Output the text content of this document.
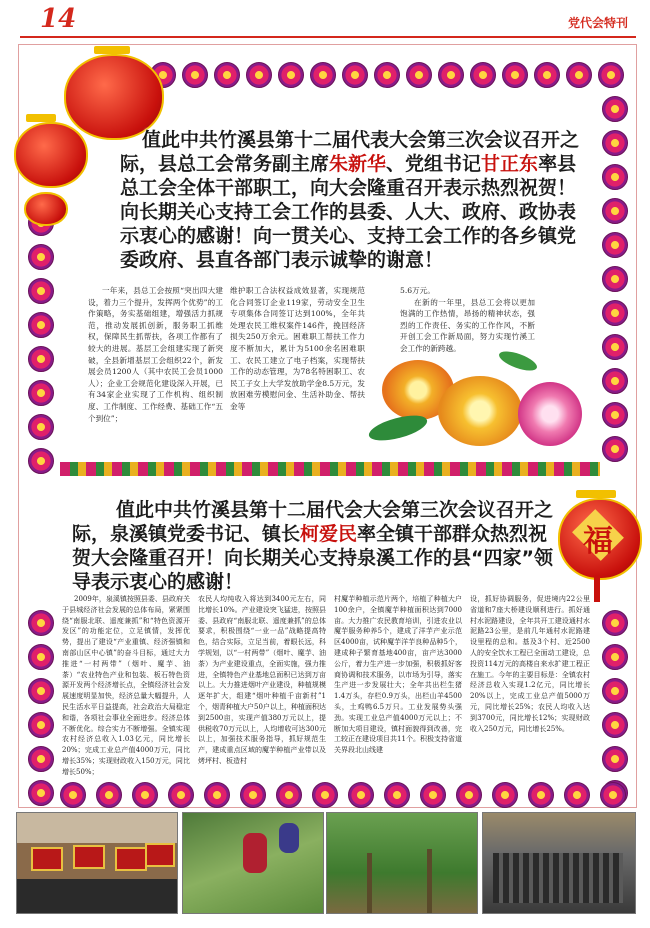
14	党代会特刊
值此中共竹溪县第十二届代表大会第三次会议召开之际，县总工会常务副主席朱新华、党组书记甘正东率县总工会全体干部职工，向大会隆重召开表示热烈祝贺！向长期关心支持工会工作的县委、人大、政府、政协表示衷心的感谢！向一贯关心、支持工会工作的各乡镇党委政府、县直各部门表示诚挚的谢意！
一年来，县总工会按照“突出四大建设，着力三个提升，发挥两个优势”的工作策略，务实基础组建，增强活力抓规范，推动发展抓创新，服务职工抓维权，保障民生抓帮扶，各项工作都有了较大的进展。基层工会组建实现了新突破，全县新增基层工会组织22个，新发展会员1200人（其中农民工会员1000人）；企业工会规范化建设深入开展，已有34家企业实现了工作机构、组织制度、工作制度、工作经费、基础工作“五个到位”；
维护职工合法权益成效显著，实现规范化合同签订企业119家，劳动安全卫生专项集体合同签订达到100%，全年共处理农民工维权案件146件，挽回经济损失250万余元。困难职工帮扶工作力度不断加大，累计为5100余名困难职工、农民工建立了电子档案，实现帮扶工作的动态管理，为78名特困职工、农民工子女上大学发放助学金8.5万元，发放困难劳模慰问金、生活补助金、帮扶金等
5.6万元。
在新的一年里，县总工会将以更加饱满的工作热情，昂扬的精神状态，强烈的工作责任、务实的工作作风，不断开创工会工作新局面，努力实现竹溪工会工作的新跨越。
福
值此中共竹溪县第十二届代会大会第三次会议召开之际，泉溪镇党委书记、镇长柯爱民率全镇干部群众热烈祝贺大会隆重召开！向长期关心支持泉溪工作的县“四家”领导表示衷心的感谢！
2009年，泉溪镇按照县委、县政府关于县城经济社会发展的总体布局，紧紧围绕“南服北联、遥度兼抓”和“特色资源开发区”的功能定位，立足镇情，发挥优势，提出了建设“产业重镇、经济强镇和南部山区中心镇”的奋斗目标，通过大力推进“一村两带”（烟叶、魔芋、油茶）“农业特色产业和包装、板石特色资源开发两个经济增长点，全镇经济社会发展速度明显加快，经济总量大幅提升，人民生活水平日益提高，社会政治大局稳定和谐，各项社会事业全面进步。经济总体不断优化。综合实力不断增强。全镇实现农村经济总收入1.03亿元，同比增长20%；完成工业总产值4000万元，同比增长35%；实现财政收入150万元，同比增长50%；
农民人均纯收入将达到3400元左右，同比增长10%。产业建设突飞猛进，按照县委、县政府“南服北联、遥度兼抓”的总体要求，积极围绕“一业一品”战略提高特色，结合实际，立足当前，着眼长远，科学规划，以“一村两带”（烟叶、魔芋、油茶）为产业建设重点，全面实施，强力推进，全镇特色产业基地总面积已达到万亩以上。大力推进烟叶产业建设，种植规模逐年扩大，组建“烟叶种植千亩新村”1个，烟青种植大户50户以上，种植面积达到2500亩，实现产值380万元以上，提供税收70万元以上，人均增收可达300元以上，加强技术服务指导，抓好规范生产，建成重点区域的魔芋种植产业带以及烤坪村、板造村
村魔芋种植示范片两个，培植了种植大户100余户，全镇魔芋种植面积达到7000亩。大力推广农民教育培训，引进农业以魔芋服务种养5个，建成了洋芋产业示范区4000亩，试种魔芋洋芋良种品种5个，建成种子繁育基地400亩，亩产达3000公斤，着力生产进一步加强，积极抓好客商协调和技术服务，以市场为引导，落实生产进一步发展壮大；全年共出栏生猪1.4万头，存栏0.9万头，出栏山羊4500头，土鸡鸭6.5万只。工业发展势头强劲。实现工业总产值4000万元以上；不断加大项目建设，镇村面貌得到改善，完工较正在建设项目共11个。积极支持省道关界段北山线建
设，抓好协调服务，促进境内22公里省道和7座大桥建设顺利进行。抓好通村水泥路建设，全年共开工建设通村水泥路23公里，是前几年通村水泥路建设里程的总和。基及3个村、近2500人的安全饮水工程已全面动工建设，总投资114万元的高楼自来水扩建工程正在施工。今年的主要目标是：全镇农村经济总收入实现1.2亿元，同比增长20%以上，完成工业总产值5000万元，同比增长25%；农民人均收入达到3700元，同比增长12%；实现财政收入250万元，同比增长25%。
